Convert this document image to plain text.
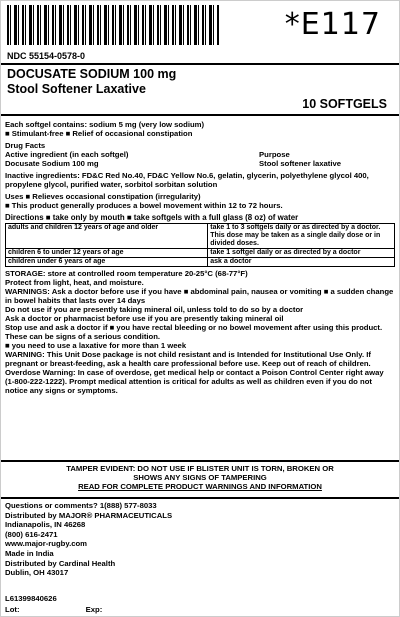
*E117
NDC 55154-0578-0
DOCUSATE SODIUM 100 mg
Stool Softener Laxative
10 SOFTGELS

Each softgel contains: sodium 5 mg (very low sodium)

■ Stimulant-free ■ Relief of occasional constipation

Drug Facts

Active ingredient (in each softgel)	Purpose
Docusate Sodium 100 mg	Stool softener laxative

Inactive ingredients: FD&C Red No.40, FD&C Yellow No.6, gelatin, glycerin, polyethylene glycol 400, propylene glycol, purified water, sorbitol sorbitan solution

Uses ■ Relieves occasional constipation (irregularity)

■ This product generally produces a bowel movement within 12 to 72 hours.

Directions ■ take only by mouth ■ take softgels with a full glass (8 oz) of water

adults and children 12 years of age and older	take 1 to 3 softgels daily or as directed by a doctor. This dose may be taken as a single daily dose or in divided doses.
children 6 to under 12 years of age	take 1 softgel daily or as directed by a doctor
children under 6 years of age	ask a doctor

STORAGE: store at controlled room temperature 20-25°C (68-77°F)

Protect from light, heat, and moisture.

WARNINGS: Ask a doctor before use if you have ■ abdominal pain, nausea or vomiting ■ a sudden change in bowel habits that lasts over 14 days

Do not use if you are presently taking mineral oil, unless told to do so by a doctor

Ask a doctor or pharmacist before use if you are presently taking mineral oil

Stop use and ask a doctor if ■ you have rectal bleeding or no bowel movement after using this product. These can be signs of a serious condition.

■ you need to use a laxative for more than 1 week

WARNING: This Unit Dose package is not child resistant and is Intended for Institutional Use Only. If pregnant or breast-feeding, ask a health care professional before use. Keep out of reach of children.

Overdose Warning: In case of overdose, get medical help or contact a Poison Control Center right away (1-800-222-1222). Prompt medical attention is critical for adults as well as children even if you do not notice any signs or symptoms.

TAMPER EVIDENT: DO NOT USE IF BLISTER UNIT IS TORN, BROKEN OR

SHOWS ANY SIGNS OF TAMPERING

READ FOR COMPLETE PRODUCT WARNINGS AND INFORMATION

Questions or comments? 1(888) 577-8033

Distributed by MAJOR® PHARMACEUTICALS

Indianapolis, IN 46268

(800) 616-2471

www.major-rugby.com

Made in India

Distributed by Cardinal Health

Dublin, OH 43017

L61399840626

Lot:	Exp:
